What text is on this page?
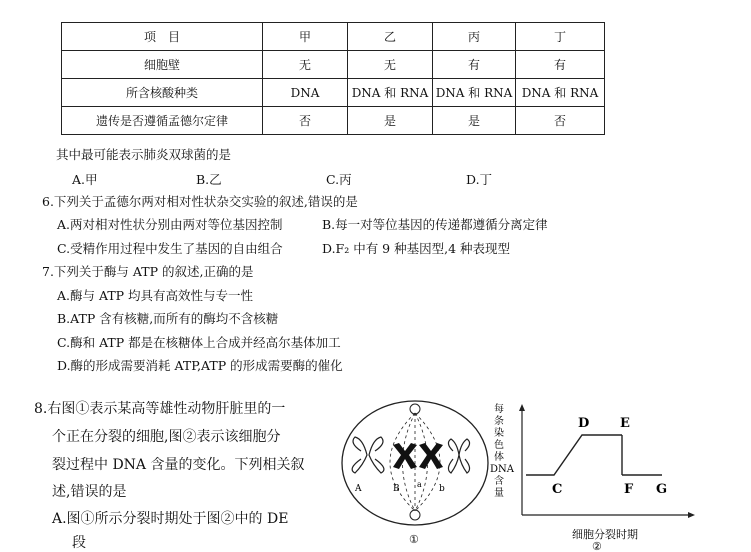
项　目	甲	乙	丙	丁
细胞壁	无	无	有	有
所含核酸种类	DNA	DNA 和 RNA	DNA 和 RNA	DNA 和 RNA
遗传是否遵循孟德尔定律	否	是	是	否
其中最可能表示肺炎双球菌的是
A.甲	B.乙	C.丙	D.丁
6.下列关于孟德尔两对相对性状杂交实验的叙述,错误的是
A.两对相对性状分别由两对等位基因控制	B.每一对等位基因的传递都遵循分离定律
C.受精作用过程中发生了基因的自由组合	D.F₂ 中有 9 种基因型,4 种表现型
7.下列关于酶与 ATP 的叙述,正确的是
A.酶与 ATP 均具有高效性与专一性
B.ATP 含有核糖,而所有的酶均不含核糖
C.酶和 ATP 都是在核糖体上合成并经高尔基体加工
D.酶的形成需要消耗 ATP,ATP 的形成需要酶的催化
8.右图①表示某高等雄性动物肝脏里的一
个正在分裂的细胞,图②表示该细胞分
裂过程中 DNA 含量的变化。下列相关叙
述,错误的是
A.图①所示分裂时期处于图②中的 DE
段
A	B a b
①
每条染色体 DNA 含量	C
D E
F G
细胞分裂时期
②
